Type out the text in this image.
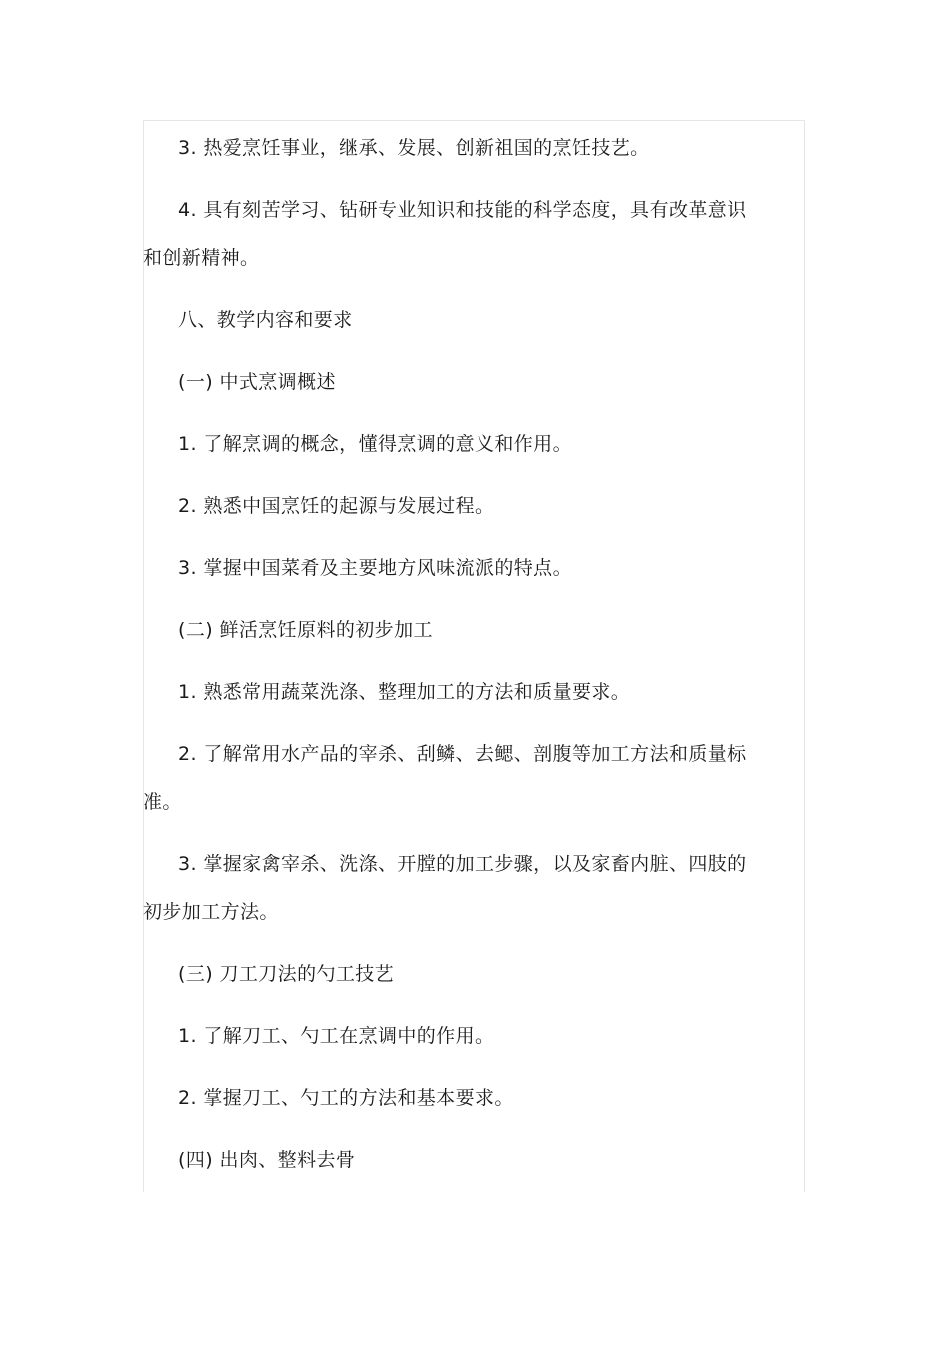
3. 热爱烹饪事业，继承、发展、创新祖国的烹饪技艺。

4. 具有刻苦学习、钻研专业知识和技能的科学态度，具有改革意识和创新精神。

八、教学内容和要求

(一) 中式烹调概述

1. 了解烹调的概念，懂得烹调的意义和作用。

2. 熟悉中国烹饪的起源与发展过程。

3. 掌握中国菜肴及主要地方风味流派的特点。

(二) 鲜活烹饪原料的初步加工

1. 熟悉常用蔬菜洗涤、整理加工的方法和质量要求。

2. 了解常用水产品的宰杀、刮鳞、去鳃、剖腹等加工方法和质量标准。

3. 掌握家禽宰杀、洗涤、开膛的加工步骤，以及家畜内脏、四肢的初步加工方法。

(三) 刀工刀法的勺工技艺

1. 了解刀工、勺工在烹调中的作用。

2. 掌握刀工、勺工的方法和基本要求。

(四) 出肉、整料去骨
